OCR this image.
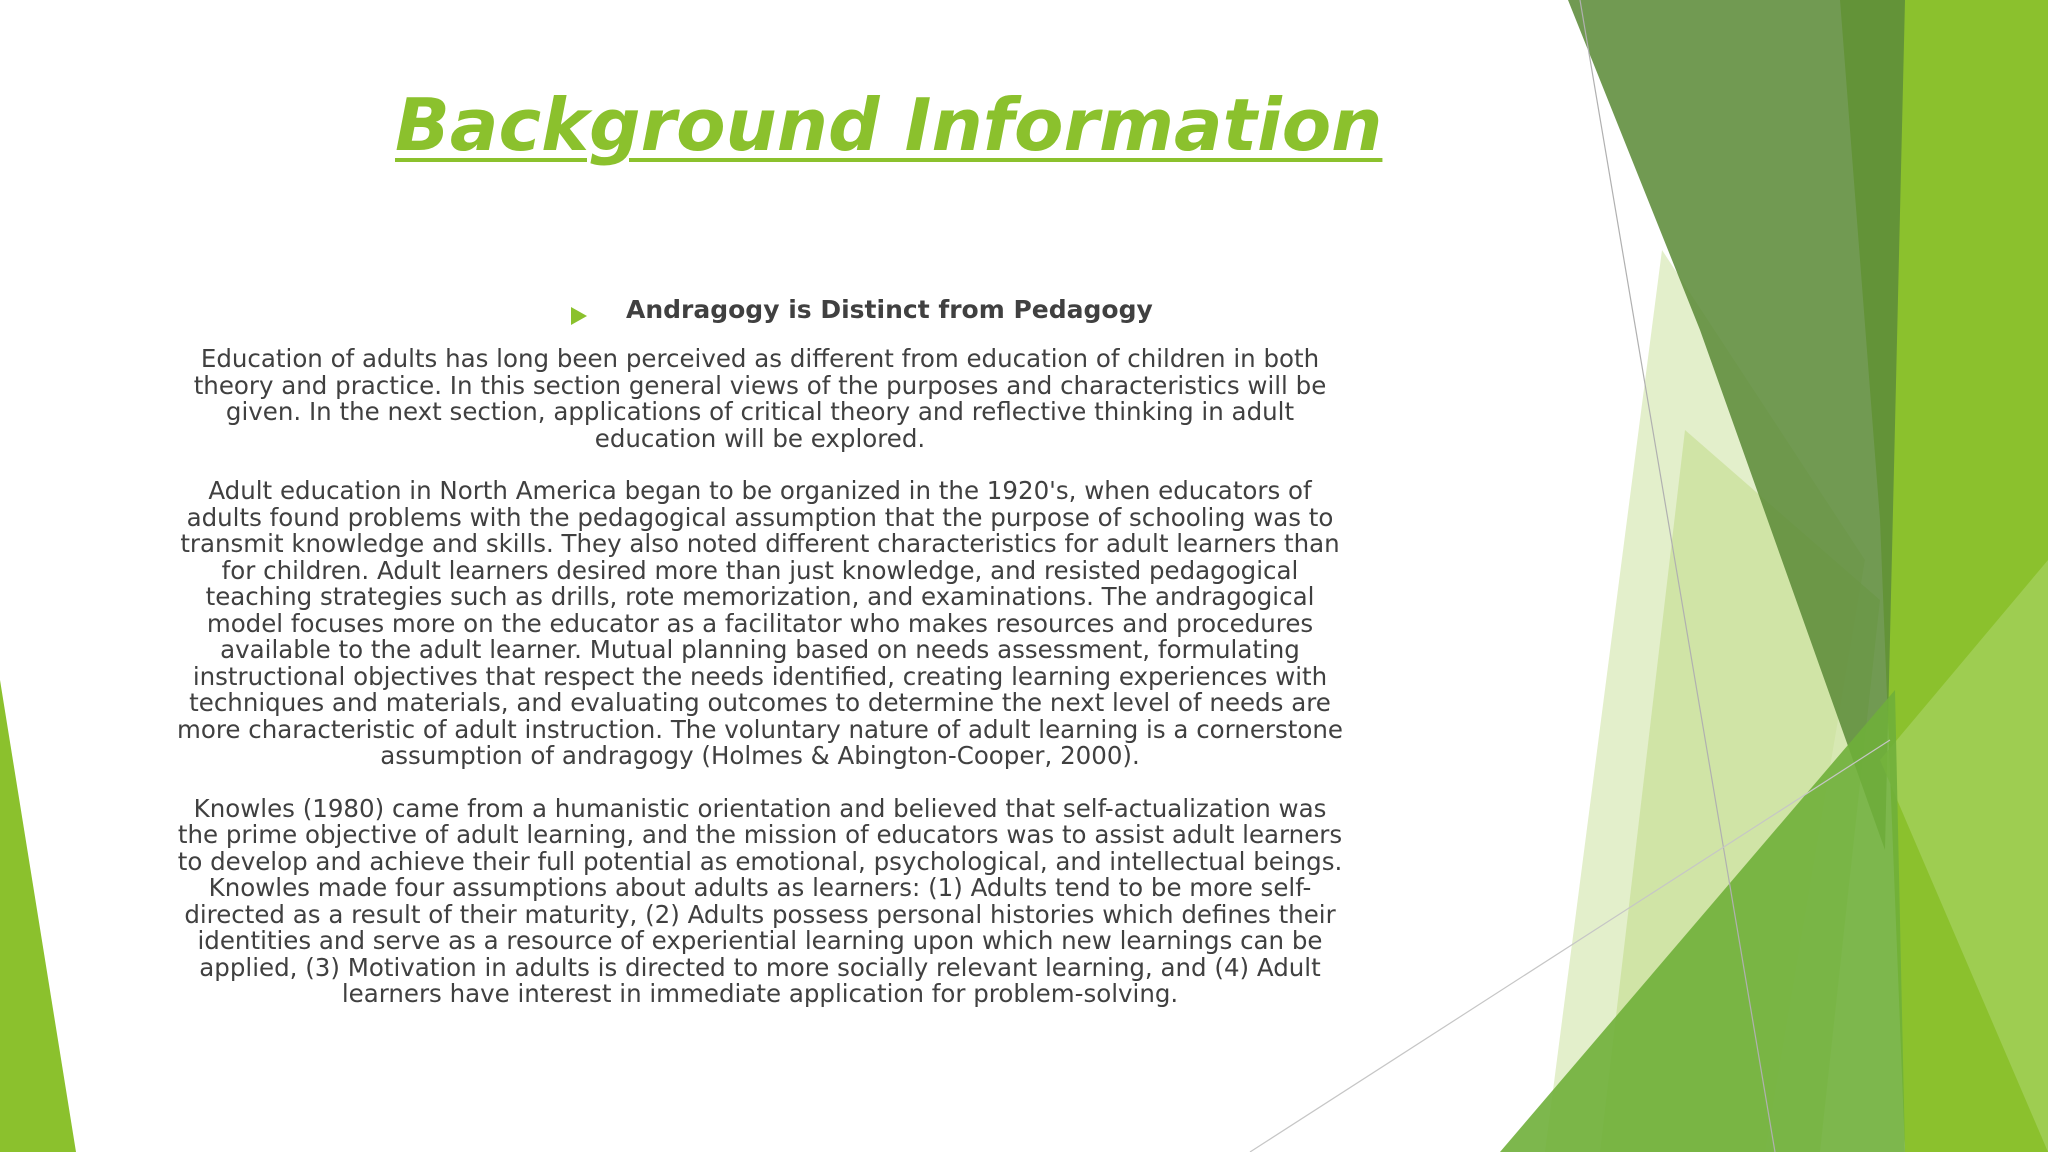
Background Information
Andragogy is Distinct from Pedagogy

Education of adults has long been perceived as different from education of children in both theory and practice. In this section general views of the purposes and characteristics will be given. In the next section, applications of critical theory and reflective thinking in adult education will be explored.

Adult education in North America began to be organized in the 1920's, when educators of adults found problems with the pedagogical assumption that the purpose of schooling was to transmit knowledge and skills. They also noted different characteristics for adult learners than for children. Adult learners desired more than just knowledge, and resisted pedagogical teaching strategies such as drills, rote memorization, and examinations. The andragogical model focuses more on the educator as a facilitator who makes resources and procedures available to the adult learner. Mutual planning based on needs assessment, formulating instructional objectives that respect the needs identified, creating learning experiences with techniques and materials, and evaluating outcomes to determine the next level of needs are more characteristic of adult instruction. The voluntary nature of adult learning is a cornerstone assumption of andragogy (Holmes & Abington-Cooper, 2000).

Knowles (1980) came from a humanistic orientation and believed that self-actualization was the prime objective of adult learning, and the mission of educators was to assist adult learners to develop and achieve their full potential as emotional, psychological, and intellectual beings. Knowles made four assumptions about adults as learners: (1) Adults tend to be more self-directed as a result of their maturity, (2) Adults possess personal histories which defines their identities and serve as a resource of experiential learning upon which new learnings can be applied, (3) Motivation in adults is directed to more socially relevant learning, and (4) Adult learners have interest in immediate application for problem-solving.
